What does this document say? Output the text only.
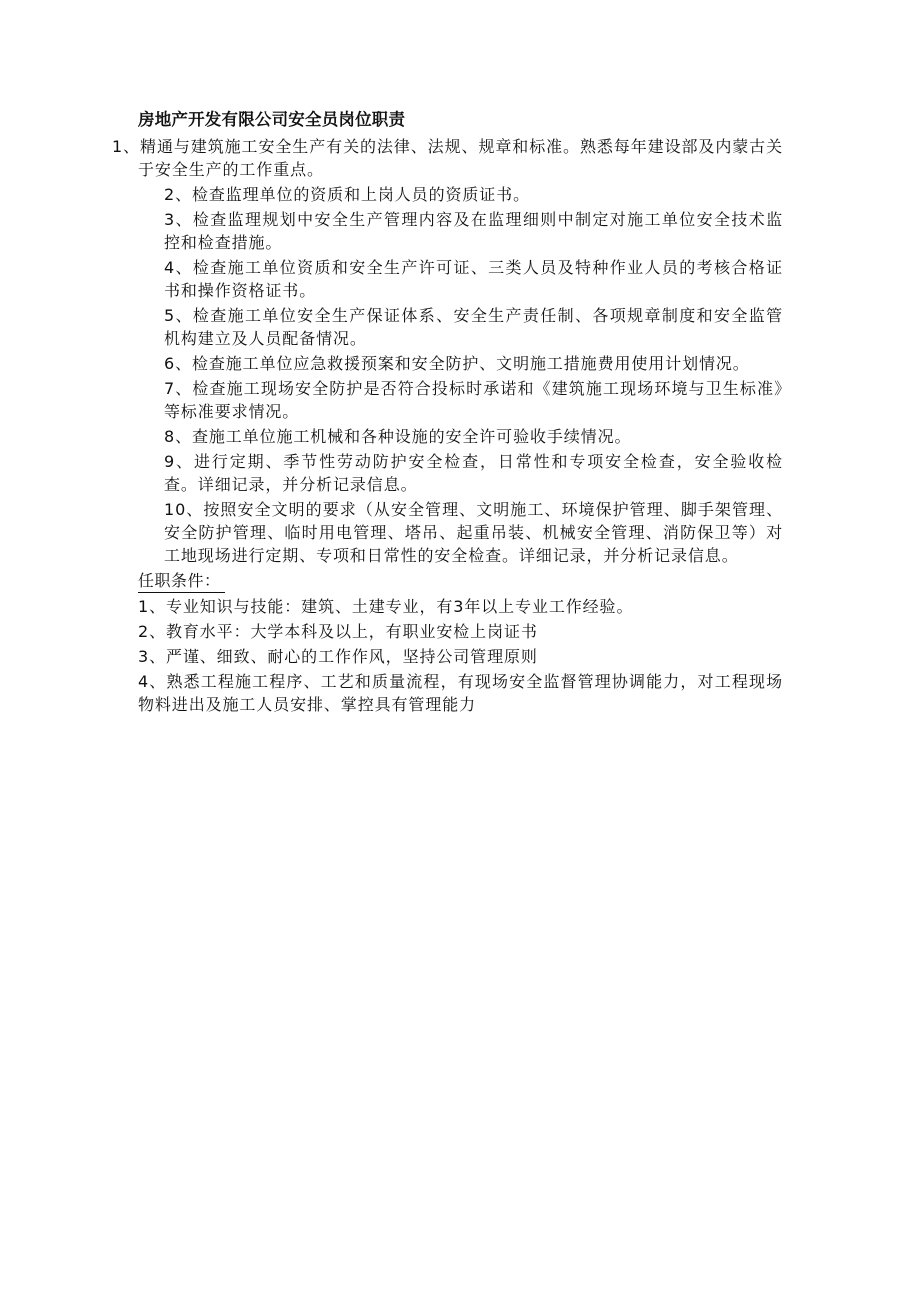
房地产开发有限公司安全员岗位职责
1、精通与建筑施工安全生产有关的法律、法规、规章和标准。熟悉每年建设部及内蒙古关于安全生产的工作重点。
2、检查监理单位的资质和上岗人员的资质证书。
3、检查监理规划中安全生产管理内容及在监理细则中制定对施工单位安全技术监控和检查措施。
4、检查施工单位资质和安全生产许可证、三类人员及特种作业人员的考核合格证书和操作资格证书。
5、检查施工单位安全生产保证体系、安全生产责任制、各项规章制度和安全监管机构建立及人员配备情况。
6、检查施工单位应急救援预案和安全防护、文明施工措施费用使用计划情况。
7、检查施工现场安全防护是否符合投标时承诺和《建筑施工现场环境与卫生标准》等标准要求情况。
8、查施工单位施工机械和各种设施的安全许可验收手续情况。
9、进行定期、季节性劳动防护安全检查，日常性和专项安全检查，安全验收检查。详细记录，并分析记录信息。
10、按照安全文明的要求（从安全管理、文明施工、环境保护管理、脚手架管理、安全防护管理、临时用电管理、塔吊、起重吊装、机械安全管理、消防保卫等）对工地现场进行定期、专项和日常性的安全检查。详细记录，并分析记录信息。
任职条件：
1、专业知识与技能：建筑、土建专业，有3年以上专业工作经验。
2、教育水平：大学本科及以上，有职业安检上岗证书
3、严谨、细致、耐心的工作作风，坚持公司管理原则
4、熟悉工程施工程序、工艺和质量流程，有现场安全监督管理协调能力，对工程现场物料进出及施工人员安排、掌控具有管理能力
